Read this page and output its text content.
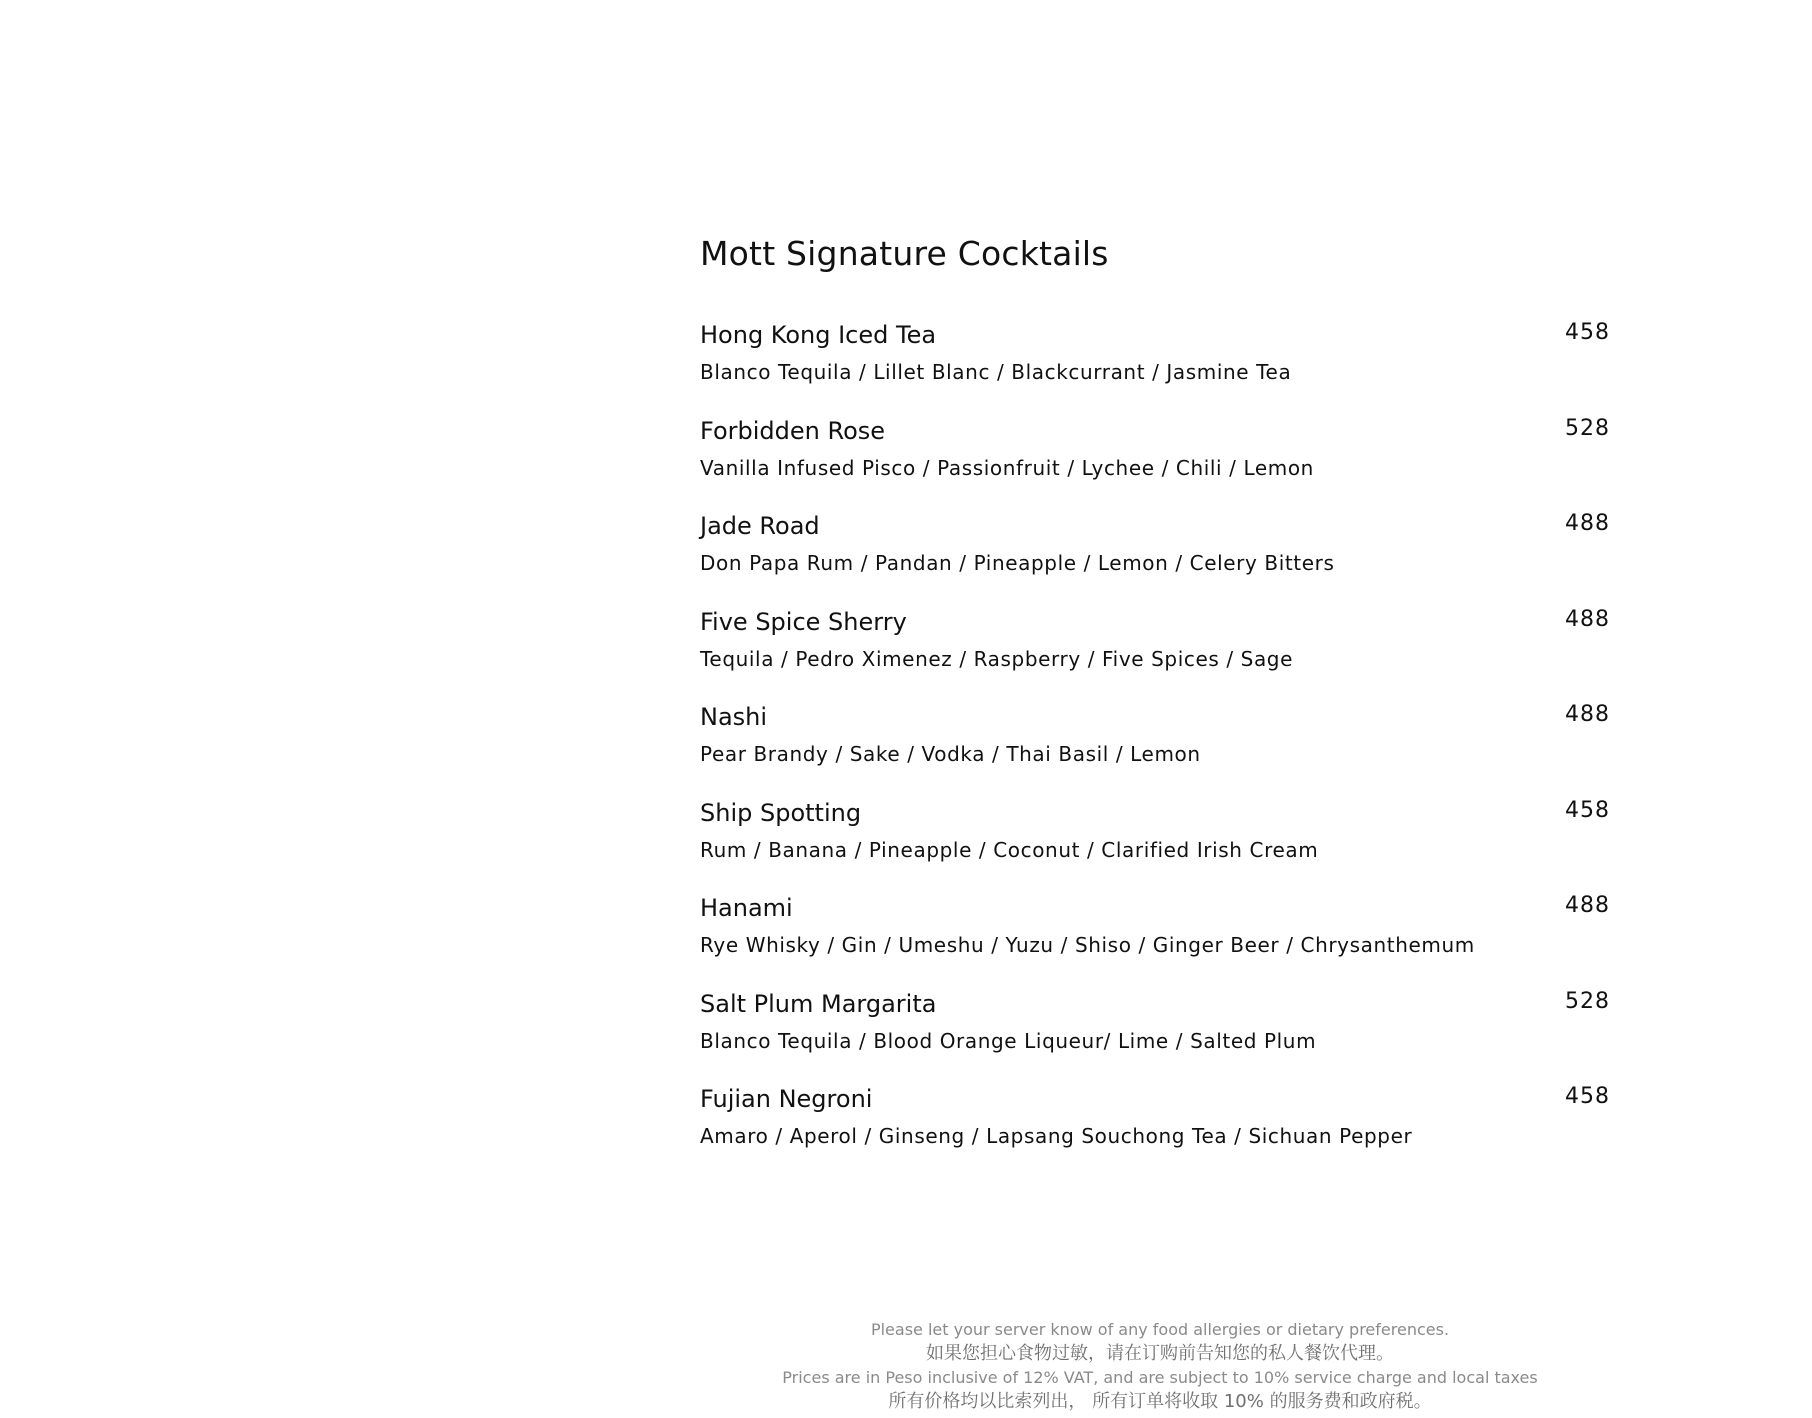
Mott Signature Cocktails
Hong Kong Iced Tea	458
Blanco Tequila / Lillet Blanc / Blackcurrant / Jasmine Tea
Forbidden Rose	528
Vanilla Infused Pisco / Passionfruit / Lychee / Chili / Lemon
Jade Road	488
Don Papa Rum / Pandan / Pineapple / Lemon / Celery Bitters
Five Spice Sherry	488
Tequila / Pedro Ximenez / Raspberry / Five Spices / Sage
Nashi	488
Pear Brandy / Sake / Vodka / Thai Basil / Lemon
Ship Spotting	458
Rum / Banana / Pineapple / Coconut / Clarified Irish Cream
Hanami	488
Rye Whisky / Gin / Umeshu / Yuzu / Shiso / Ginger Beer / Chrysanthemum
Salt Plum Margarita	528
Blanco Tequila / Blood Orange Liqueur/ Lime / Salted Plum
Fujian Negroni	458
Amaro / Aperol / Ginseng / Lapsang Souchong Tea / Sichuan Pepper
Please let your server know of any food allergies or dietary preferences.
如果您担心食物过敏，请在订购前告知您的私人餐饮代理。
Prices are in Peso inclusive of 12% VAT, and are subject to 10% service charge and local taxes
所有价格均以比索列出， 所有订单将收取 10% 的服务费和政府税。
